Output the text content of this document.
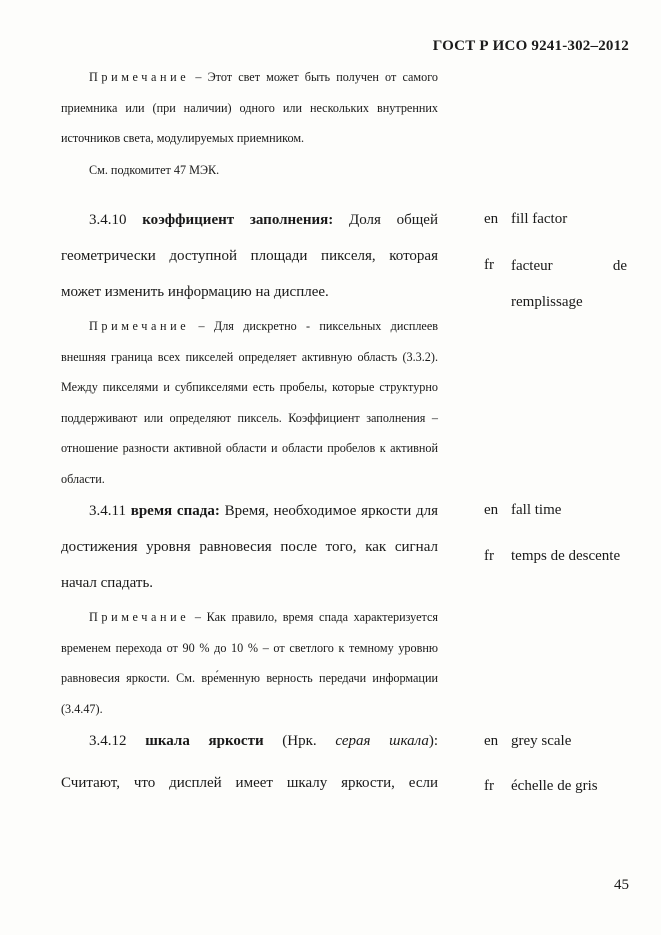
ГОСТ Р ИСО 9241-302–2012
Примечание – Этот свет может быть получен от самого приемника или (при наличии) одного или нескольких внутренних источников света, модулируемых приемником.
См. подкомитет 47 МЭК.
3.4.10 коэффициент заполнения: Доля общей геометрически доступной площади пикселя, которая может изменить информацию на дисплее.
Примечание – Для дискретно - пиксельных дисплеев внешняя граница всех пикселей определяет активную область (3.3.2). Между пикселями и субпикселями есть пробелы, которые структурно поддерживают или определяют пиксель. Коэффициент заполнения – отношение разности активной области и области пробелов к активной области.
en fill factor
fr facteur de remplissage
3.4.11 время спада: Время, необходимое яркости для достижения уровня равновесия после того, как сигнал начал спадать.
Примечание – Как правило, время спада характеризуется временем перехода от 90 % до 10 % – от светлого к темному уровню равновесия яркости. См. вре́менную верность передачи информации (3.4.47).
en fall time
fr temps de descente
3.4.12 шкала яркости (Нрк. серая шкала):
Считают, что дисплей имеет шкалу яркости, если
en grey scale
fr échelle de gris
45
